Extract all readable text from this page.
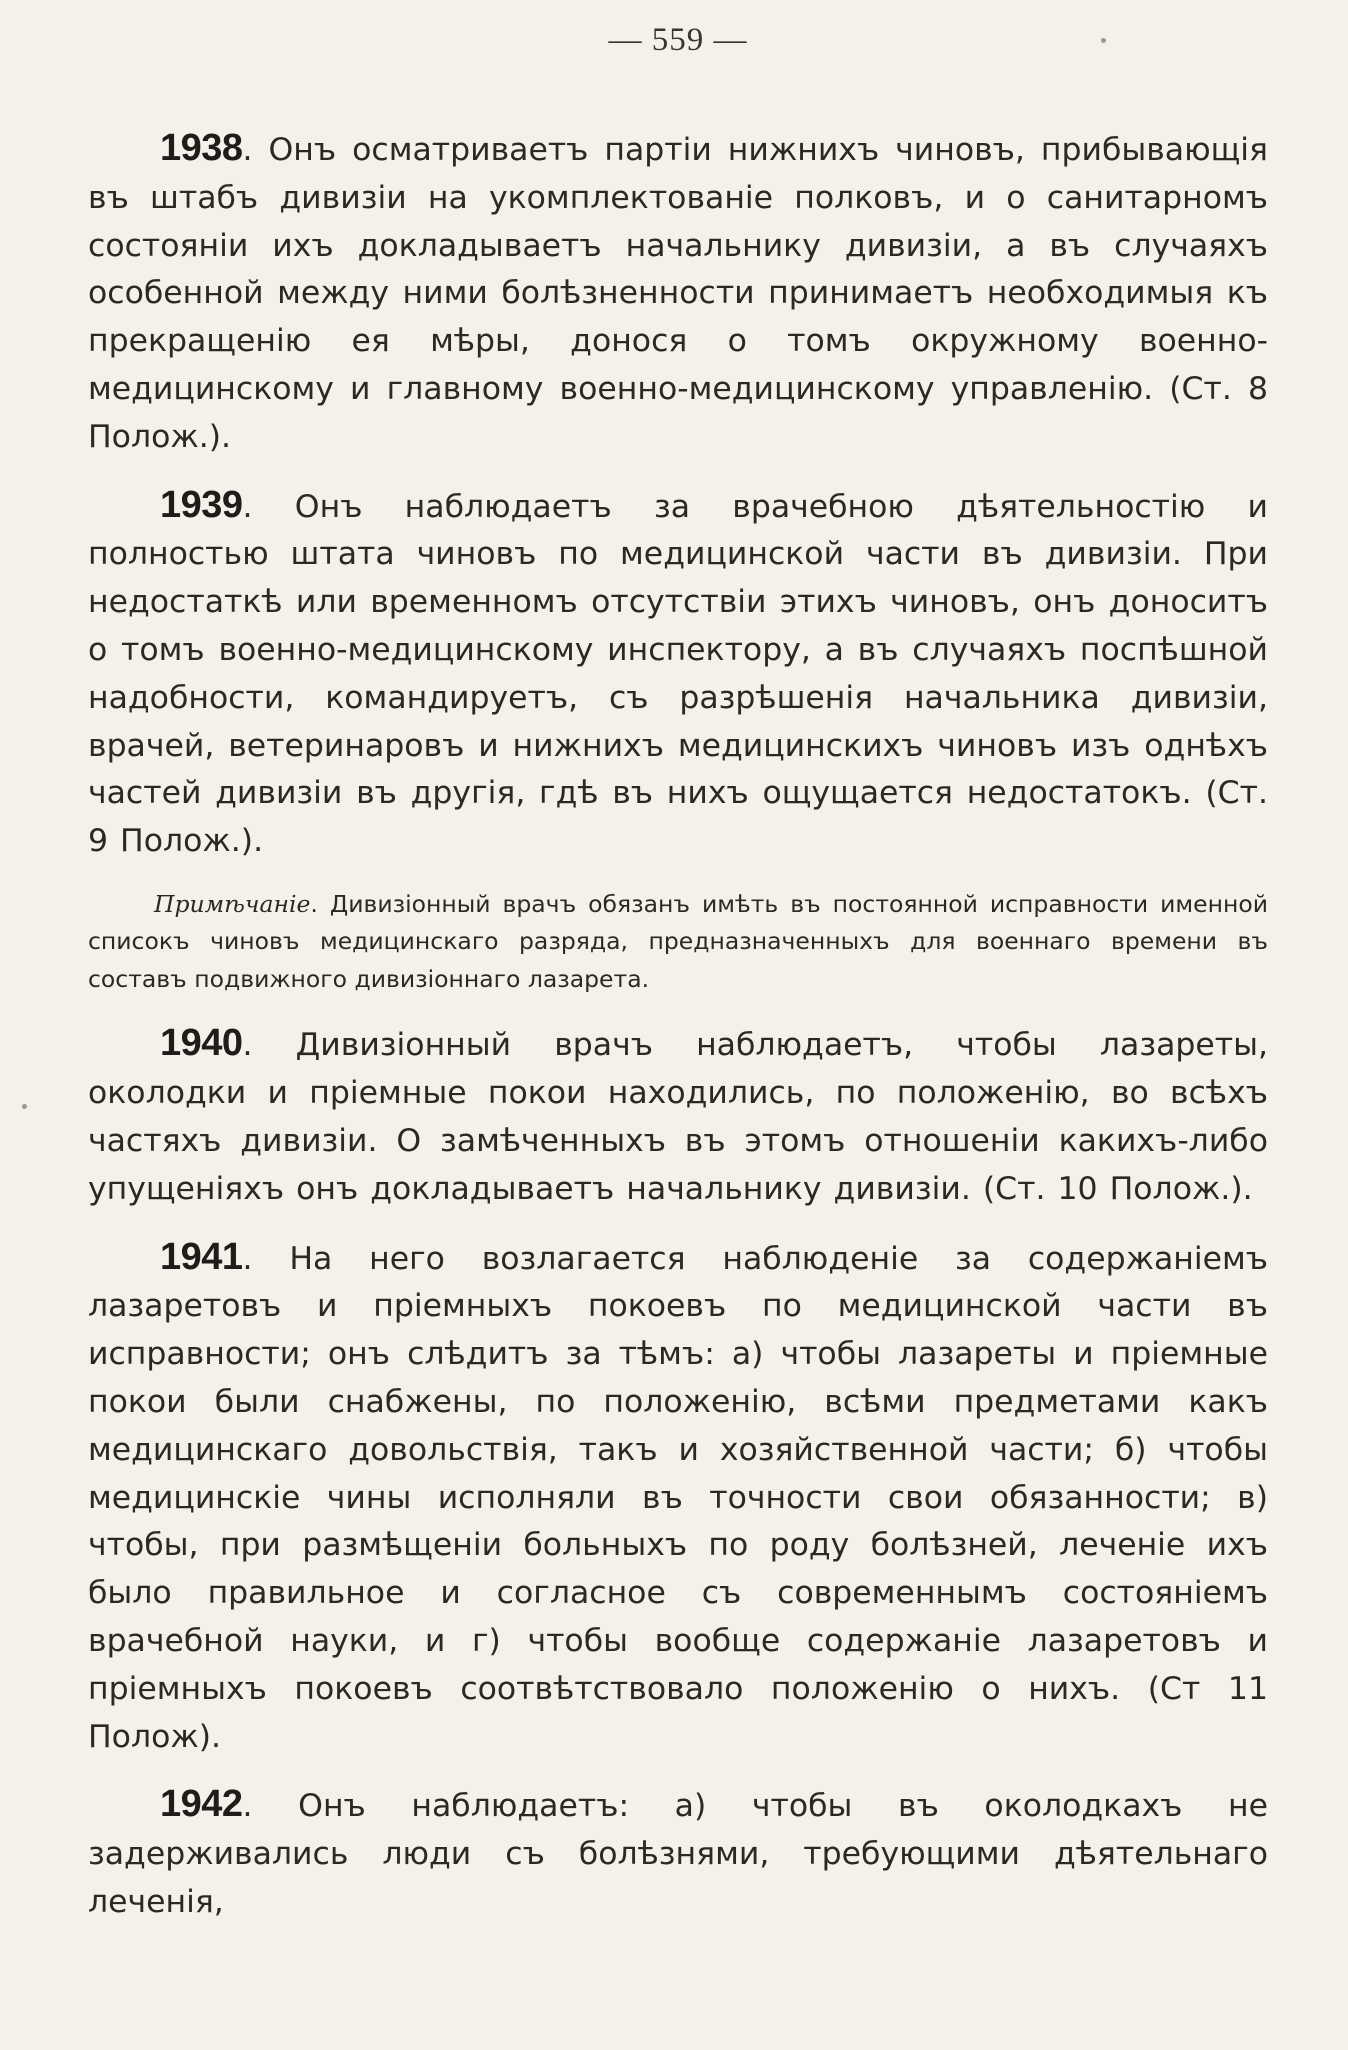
— 559 —

1938. Онъ осматриваетъ партіи нижнихъ чиновъ, прибывающія въ штабъ дивизіи на укомплектованіе полковъ, и о санитарномъ состояніи ихъ докладываетъ начальнику дивизіи, а въ случаяхъ особенной между ними болѣзненности принимаетъ необходимыя къ прекращенію ея мѣры, донося о томъ окружному военно-медицинскому и главному военно-медицинскому управленію. (Ст. 8 Полож.).

1939. Онъ наблюдаетъ за врачебною дѣятельностію и полностью штата чиновъ по медицинской части въ дивизіи. При недостаткѣ или временномъ отсутствіи этихъ чиновъ, онъ доноситъ о томъ военно-медицинскому инспектору, а въ случаяхъ поспѣшной надобности, командируетъ, съ разрѣшенія начальника дивизіи, врачей, ветеринаровъ и нижнихъ медицинскихъ чиновъ изъ однѣхъ частей дивизіи въ другія, гдѣ въ нихъ ощущается недостатокъ. (Ст. 9 Полож.).

Примѣчаніе. Дивизіонный врачъ обязанъ имѣть въ постоянной исправности именной списокъ чиновъ медицинскаго разряда, предназначенныхъ для военнаго времени въ составъ подвижного дивизіоннаго лазарета.

1940. Дивизіонный врачъ наблюдаетъ, чтобы лазареты, околодки и пріемные покои находились, по положенію, во всѣхъ частяхъ дивизіи. О замѣченныхъ въ этомъ отношеніи какихъ-либо упущеніяхъ онъ докладываетъ начальнику дивизіи. (Ст. 10 Полож.).

1941. На него возлагается наблюденіе за содержаніемъ лазаретовъ и пріемныхъ покоевъ по медицинской части въ исправности; онъ слѣдитъ за тѣмъ: а) чтобы лазареты и пріемные покои были снабжены, по положенію, всѣми предметами какъ медицинскаго довольствія, такъ и хозяйственной части; б) чтобы медицинскіе чины исполняли въ точности свои обязанности; в) чтобы, при размѣщеніи больныхъ по роду болѣзней, леченіе ихъ было правильное и согласное съ современнымъ состояніемъ врачебной науки, и г) чтобы вообще содержаніе лазаретовъ и пріемныхъ покоевъ соотвѣтствовало положенію о нихъ. (Ст 11 Полож).

1942. Онъ наблюдаетъ: а) чтобы въ околодкахъ не задерживались люди съ болѣзнями, требующими дѣятельнаго леченія,
